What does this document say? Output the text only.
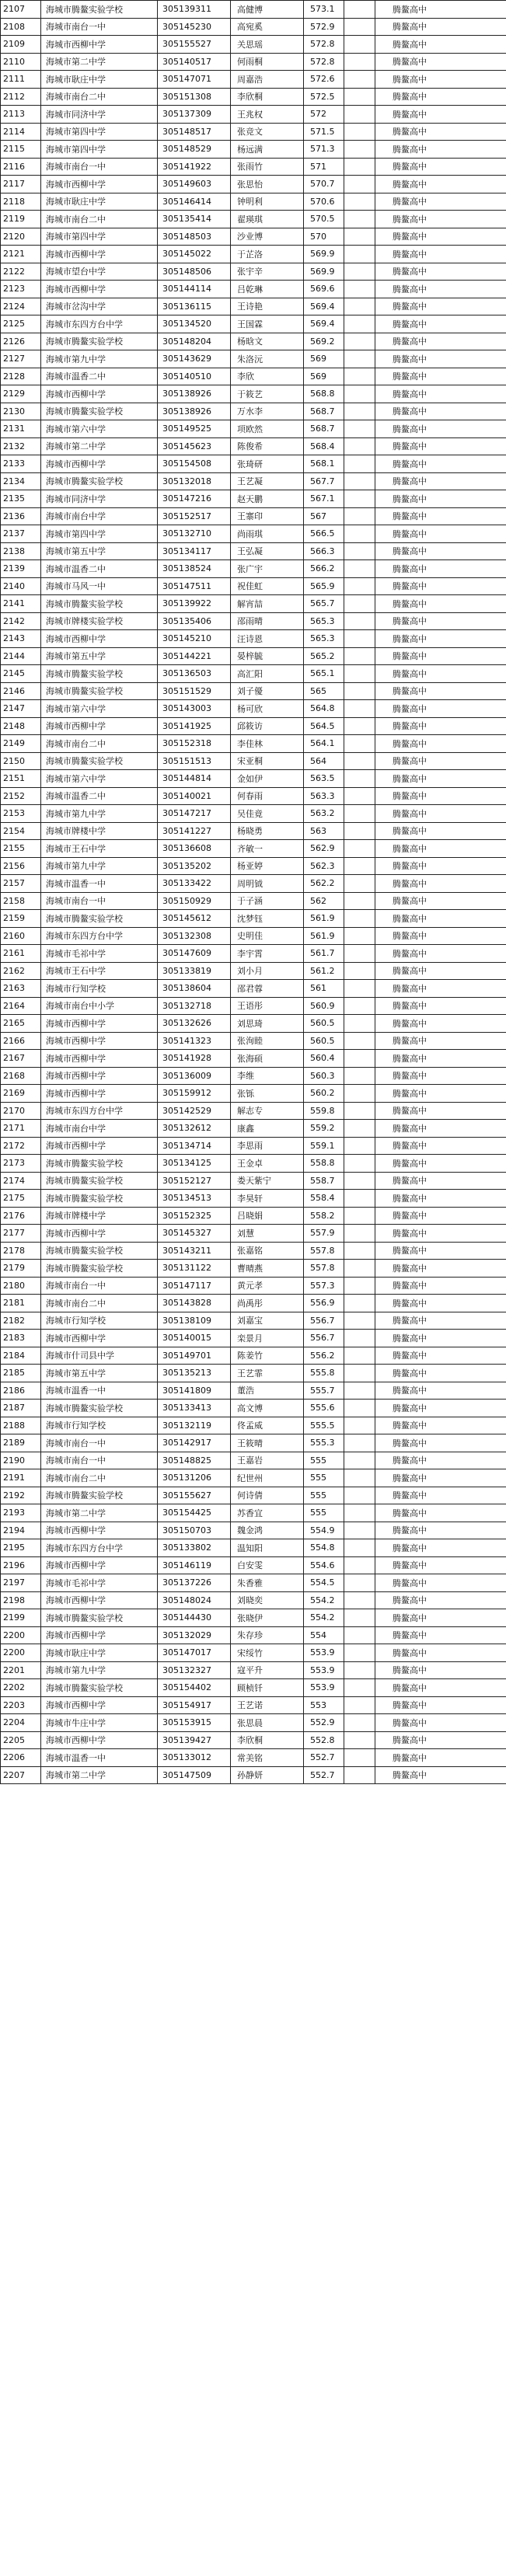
2107	海城市腾鳌实验学校	305139311	高健博	573.1		腾鳌高中
2108	海城市南台一中	305145230	高宛奚	572.9		腾鳌高中
2109	海城市西柳中学	305155527	关思瑶	572.8		腾鳌高中
2110	海城市第二中学	305140517	何雨桐	572.8		腾鳌高中
2111	海城市耿庄中学	305147071	周嘉浩	572.6		腾鳌高中
2112	海城市南台二中	305151308	李欣桐	572.5		腾鳌高中
2113	海城市同济中学	305137309	王兆权	572		腾鳌高中
2114	海城市第四中学	305148517	张竞文	571.5		腾鳌高中
2115	海城市第四中学	305148529	杨远满	571.3		腾鳌高中
2116	海城市南台一中	305141922	张雨竹	571		腾鳌高中
2117	海城市西柳中学	305149603	张思怡	570.7		腾鳌高中
2118	海城市耿庄中学	305146414	钟明利	570.6		腾鳌高中
2119	海城市南台二中	305135414	翟瑛琪	570.5		腾鳌高中
2120	海城市第四中学	305148503	沙业博	570		腾鳌高中
2121	海城市西柳中学	305145022	于芷洛	569.9		腾鳌高中
2122	海城市望台中学	305148506	张宇辛	569.9		腾鳌高中
2123	海城市西柳中学	305144114	吕乾琳	569.6		腾鳌高中
2124	海城市岔沟中学	305136115	王诗艳	569.4		腾鳌高中
2125	海城市东四方台中学	305134520	王国霖	569.4		腾鳌高中
2126	海城市腾鳌实验学校	305148204	杨晗文	569.2		腾鳌高中
2127	海城市第九中学	305143629	朱洛沅	569		腾鳌高中
2128	海城市温香二中	305140510	李欣	569		腾鳌高中
2129	海城市西柳中学	305138926	于筱艺	568.8		腾鳌高中
2130	海城市腾鳌实验学校	305138926	万水李	568.7		腾鳌高中
2131	海城市第六中学	305149525	项欧然	568.7		腾鳌高中
2132	海城市第二中学	305145623	陈俊希	568.4		腾鳌高中
2133	海城市西柳中学	305154508	张琦研	568.1		腾鳌高中
2134	海城市腾鳌实验学校	305132018	王艺凝	567.7		腾鳌高中
2135	海城市同济中学	305147216	赵天鹏	567.1		腾鳌高中
2136	海城市南台中学	305152517	王寨印	567		腾鳌高中
2137	海城市第四中学	305132710	尚雨琪	566.5		腾鳌高中
2138	海城市第五中学	305134117	王弘凝	566.3		腾鳌高中
2139	海城市温香二中	305138524	张广宇	566.2		腾鳌高中
2140	海城市马风一中	305147511	祝佳虹	565.9		腾鳌高中
2141	海城市腾鳌实验学校	305139922	解宵喆	565.7		腾鳌高中
2142	海城市牌楼实验学校	305135406	邵雨晴	565.3		腾鳌高中
2143	海城市西柳中学	305145210	汪诗恩	565.3		腾鳌高中
2144	海城市第五中学	305144221	晏梓毓	565.2		腾鳌高中
2145	海城市腾鳌实验学校	305136503	高汇阳	565.1		腾鳌高中
2146	海城市腾鳌实验学校	305151529	刘子優	565		腾鳌高中
2147	海城市第六中学	305143003	杨可欣	564.8		腾鳌高中
2148	海城市西柳中学	305141925	邱筱访	564.5		腾鳌高中
2149	海城市南台二中	305152318	李佳林	564.1		腾鳌高中
2150	海城市腾鳌实验学校	305151513	宋亚桐	564		腾鳌高中
2151	海城市第六中学	305144814	金如伊	563.5		腾鳌高中
2152	海城市温香二中	305140021	何春雨	563.3		腾鳌高中
2153	海城市第九中学	305147217	吴佳竟	563.2		腾鳌高中
2154	海城市牌楼中学	305141227	杨晓勇	563		腾鳌高中
2155	海城市王石中学	305136608	齐敏一	562.9		腾鳌高中
2156	海城市第九中学	305135202	杨亚婷	562.3		腾鳌高中
2157	海城市温香一中	305133422	周明钺	562.2		腾鳌高中
2158	海城市南台一中	305150929	于子涵	562		腾鳌高中
2159	海城市腾鳌实验学校	305145612	沈梦钰	561.9		腾鳌高中
2160	海城市东四方台中学	305132308	史明佳	561.9		腾鳌高中
2161	海城市毛祁中学	305147609	李宇霄	561.7		腾鳌高中
2162	海城市王石中学	305133819	刘小月	561.2		腾鳌高中
2163	海城市行知学校	305138604	邵君蓉	561		腾鳌高中
2164	海城市南台中小学	305132718	王语彤	560.9		腾鳌高中
2165	海城市西柳中学	305132626	刘思琦	560.5		腾鳌高中
2166	海城市西柳中学	305141323	张洵睦	560.5		腾鳌高中
2167	海城市西柳中学	305141928	张海硕	560.4		腾鳌高中
2168	海城市西柳中学	305136009	李维	560.3		腾鳌高中
2169	海城市西柳中学	305159912	张铄	560.2		腾鳌高中
2170	海城市东四方台中学	305142529	解志专	559.8		腾鳌高中
2171	海城市南台中学	305132612	康鑫	559.2		腾鳌高中
2172	海城市西柳中学	305134714	李思雨	559.1		腾鳌高中
2173	海城市腾鳌实验学校	305134125	王金卓	558.8		腾鳌高中
2174	海城市腾鳌实验学校	305152127	娄天紫宁	558.7		腾鳌高中
2175	海城市腾鳌实验学校	305134513	李昊轩	558.4		腾鳌高中
2176	海城市牌楼中学	305152325	吕晓娟	558.2		腾鳌高中
2177	海城市西柳中学	305145327	刘慧	557.9		腾鳌高中
2178	海城市腾鳌实验学校	305143211	张嘉铭	557.8		腾鳌高中
2179	海城市腾鳌实验学校	305131122	曹晴燕	557.8		腾鳌高中
2180	海城市南台一中	305147117	黄元孝	557.3		腾鳌高中
2181	海城市南台二中	305143828	尚禹彤	556.9		腾鳌高中
2182	海城市行知学校	305138109	刘嘉宝	556.7		腾鳌高中
2183	海城市西柳中学	305140015	栾景月	556.7		腾鳌高中
2184	海城市什司县中学	305149701	陈姜竹	556.2		腾鳌高中
2185	海城市第五中学	305135213	王艺霏	555.8		腾鳌高中
2186	海城市温香一中	305141809	董浩	555.7		腾鳌高中
2187	海城市腾鳌实验学校	305133413	高文博	555.6		腾鳌高中
2188	海城市行知学校	305132119	佟孟威	555.5		腾鳌高中
2189	海城市南台一中	305142917	王筱晴	555.3		腾鳌高中
2190	海城市南台一中	305148825	王嘉岩	555		腾鳌高中
2191	海城市南台二中	305131206	纪世州	555		腾鳌高中
2192	海城市腾鳌实验学校	305155627	何诗倩	555		腾鳌高中
2193	海城市第二中学	305154425	苏香宜	555		腾鳌高中
2194	海城市西柳中学	305150703	魏金鸿	554.9		腾鳌高中
2195	海城市东四方台中学	305133802	温知阳	554.8		腾鳌高中
2196	海城市西柳中学	305146119	白安雯	554.6		腾鳌高中
2197	海城市毛祁中学	305137226	朱香雅	554.5		腾鳌高中
2198	海城市西柳中学	305148024	刘晓奕	554.2		腾鳌高中
2199	海城市腾鳌实验学校	305144430	张晓伊	554.2		腾鳌高中
2200	海城市西柳中学	305132029	朱存珍	554		腾鳌高中
2200	海城市耿庄中学	305147017	宋绥竹	553.9		腾鳌高中
2201	海城市第九中学	305132327	寇平升	553.9		腾鳌高中
2202	海城市腾鳌实验学校	305154402	顾桢钎	553.9		腾鳌高中
2203	海城市西柳中学	305154917	王艺诺	553		腾鳌高中
2204	海城市牛庄中学	305153915	张思晨	552.9		腾鳌高中
2205	海城市西柳中学	305139427	李欣桐	552.8		腾鳌高中
2206	海城市温香一中	305133012	常美铭	552.7		腾鳌高中
2207	海城市第二中学	305147509	孙静妍	552.7		腾鳌高中
